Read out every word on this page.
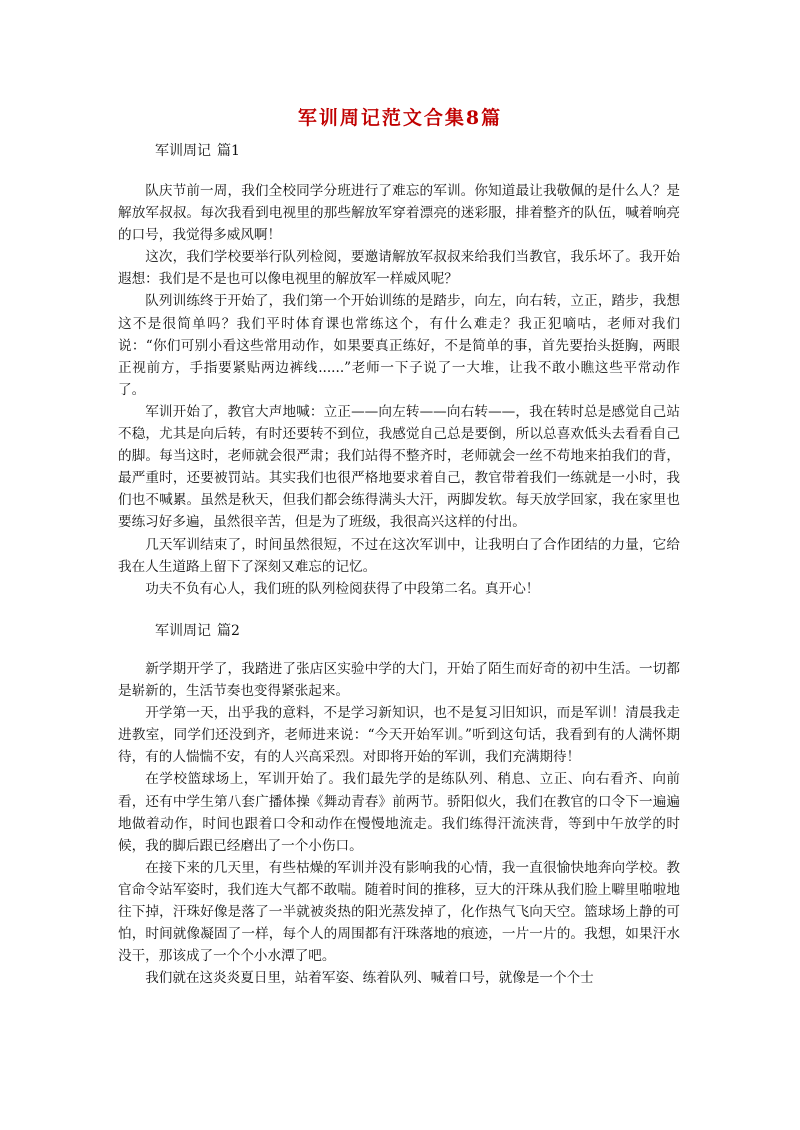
军训周记范文合集8篇
军训周记 篇1

队庆节前一周，我们全校同学分班进行了难忘的军训。你知道最让我敬佩的是什么人？是解放军叔叔。每次我看到电视里的那些解放军穿着漂亮的迷彩服，排着整齐的队伍，喊着响亮的口号，我觉得多威风啊！

这次，我们学校要举行队列检阅，要邀请解放军叔叔来给我们当教官，我乐坏了。我开始遐想：我们是不是也可以像电视里的解放军一样威风呢？

队列训练终于开始了，我们第一个开始训练的是踏步，向左，向右转，立正，踏步，我想这不是很简单吗？我们平时体育课也常练这个，有什么难走？我正犯嘀咕，老师对我们说：“你们可别小看这些常用动作，如果要真正练好，不是简单的事，首先要抬头挺胸，两眼正视前方，手指要紧贴两边裤线......”老师一下子说了一大堆，让我不敢小瞧这些平常动作了。

军训开始了，教官大声地喊：立正——向左转——向右转——，我在转时总是感觉自己站不稳，尤其是向后转，有时还要转不到位，我感觉自己总是要倒，所以总喜欢低头去看看自己的脚。每当这时，老师就会很严肃；我们站得不整齐时，老师就会一丝不苟地来拍我们的背，最严重时，还要被罚站。其实我们也很严格地要求着自己，教官带着我们一练就是一小时，我们也不喊累。虽然是秋天，但我们都会练得满头大汗，两脚发软。每天放学回家，我在家里也要练习好多遍，虽然很辛苦，但是为了班级，我很高兴这样的付出。

几天军训结束了，时间虽然很短，不过在这次军训中，让我明白了合作团结的力量，它给我在人生道路上留下了深刻又难忘的记忆。

功夫不负有心人，我们班的队列检阅获得了中段第二名。真开心！

军训周记 篇2

新学期开学了，我踏进了张店区实验中学的大门，开始了陌生而好奇的初中生活。一切都是崭新的，生活节奏也变得紧张起来。

开学第一天，出乎我的意料，不是学习新知识，也不是复习旧知识，而是军训！清晨我走进教室，同学们还没到齐，老师进来说：“今天开始军训。”听到这句话，我看到有的人满怀期待，有的人惴惴不安，有的人兴高采烈。对即将开始的军训，我们充满期待！

在学校篮球场上，军训开始了。我们最先学的是练队列、稍息、立正、向右看齐、向前看，还有中学生第八套广播体操《舞动青春》前两节。骄阳似火，我们在教官的口令下一遍遍地做着动作，时间也跟着口令和动作在慢慢地流走。我们练得汗流浃背，等到中午放学的时候，我的脚后跟已经磨出了一个小伤口。

在接下来的几天里，有些枯燥的军训并没有影响我的心情，我一直很愉快地奔向学校。教官命令站军姿时，我们连大气都不敢喘。随着时间的推移，豆大的汗珠从我们脸上噼里啪啦地往下掉，汗珠好像是落了一半就被炎热的阳光蒸发掉了，化作热气飞向天空。篮球场上静的可怕，时间就像凝固了一样，每个人的周围都有汗珠落地的痕迹，一片一片的。我想，如果汗水没干，那该成了一个个小水潭了吧。

我们就在这炎炎夏日里，站着军姿、练着队列、喊着口号，就像是一个个士
